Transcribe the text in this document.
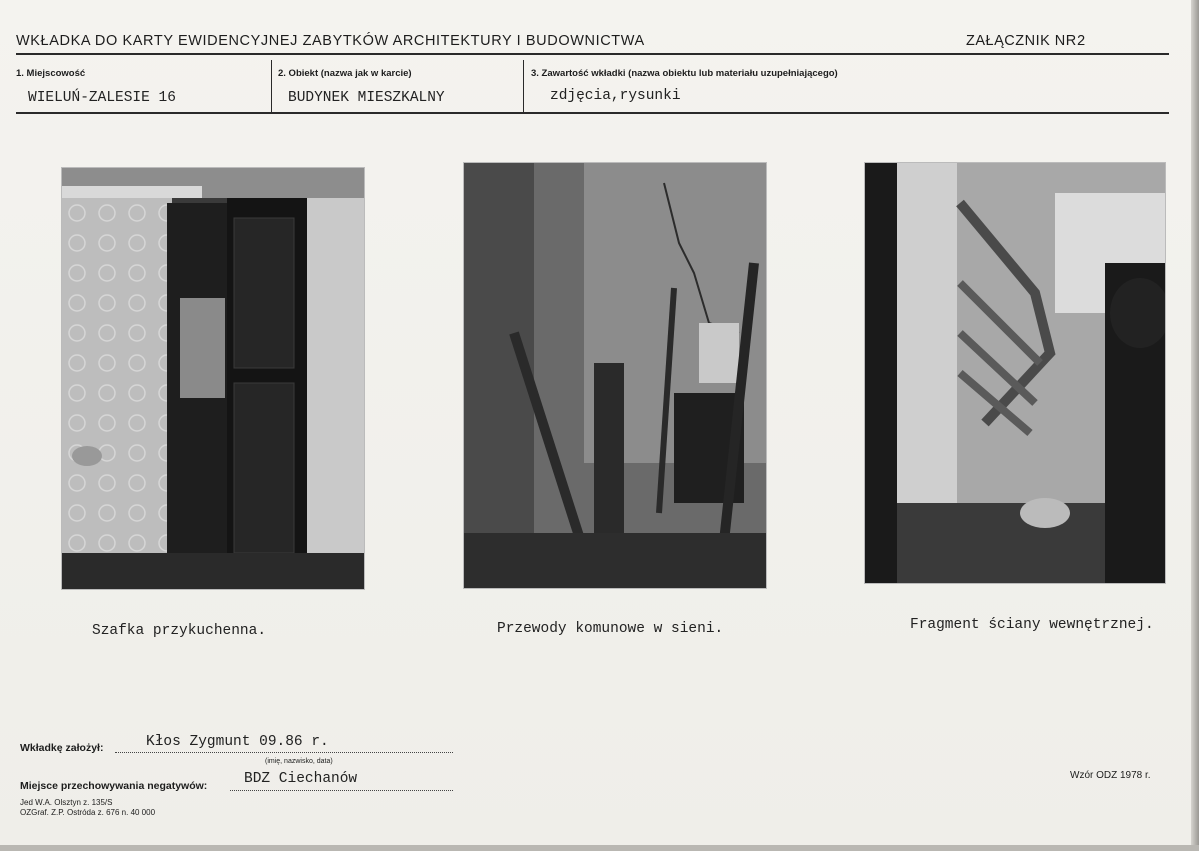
WKŁADKA DO KARTY EWIDENCYJNEJ ZABYTKÓW ARCHITEKTURY I BUDOWNICTWA	ZAŁĄCZNIK NR2
1. Miejscowość
WIELUŃ-ZALESIE 16
2. Obiekt (nazwa jak w karcie)
BUDYNEK MIESZKALNY
3. Zawartość wkładki (nazwa obiektu lub materiału uzupełniającego)
zdjęcia,rysunki
Szafka przykuchenna.	Przewody komunowe w sieni.	Fragment ściany wewnętrznej.
Wkładkę założył:	Kłos Zygmunt 09.86 r.
(imię, nazwisko, data)
Miejsce przechowywania negatywów:	BDZ Ciechanów
Jed W.A. Olsztyn z. 135/S
OZGraf. Z.P. Ostróda z. 676 n. 40 000
Wzór ODZ 1978 r.
